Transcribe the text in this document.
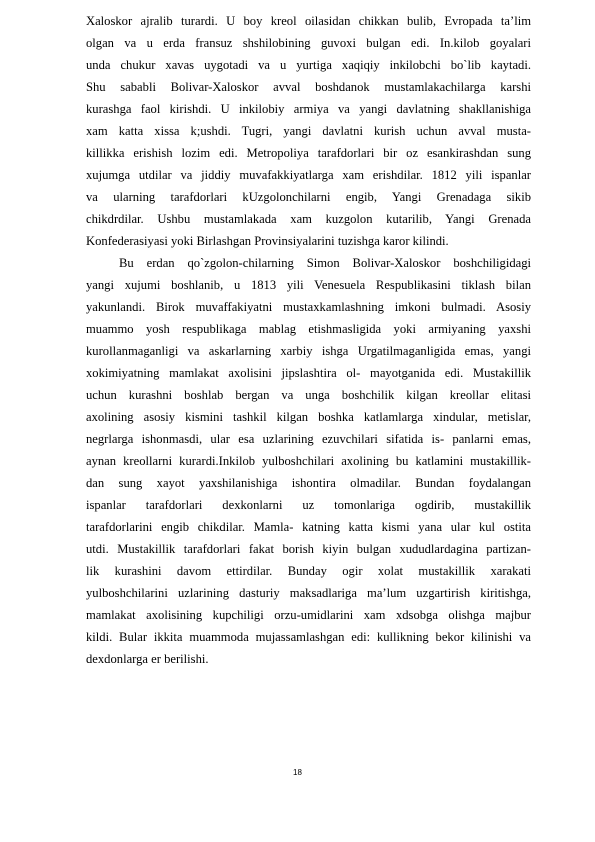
Xaloskor ajralib turardi. U boy kreol oilasidan chikkan bulib, Evropada ta’lim
olgan va u erda fransuz shshilobining guvoxi bulgan edi. In.kilob goyalari
unda chukur xavas uygotadi va u yurtiga xaqiqiy inkilobchi bo`lib kaytadi.
Shu sababli Bolivar-Xaloskor avval boshdanok mustamlakachilarga karshi
kurashga faol kirishdi. U inkilobiy armiya va yangi davlatning shakllanishiga
xam katta xissa k;ushdi. Tugri, yangi davlatni kurish uchun avval musta-
killikka erishish lozim edi. Metropoliya tarafdorlari bir oz esankirashdan sung
xujumga utdilar va jiddiy muvafakkiyatlarga xam erishdilar. 1812 yili ispanlar
va ularning tarafdorlari kUzgolonchilarni engib, Yangi Grenadaga sikib
chikdrdilar. Ushbu mustamlakada xam kuzgolon kutarilib, Yangi Grenada
Konfederasiyasi yoki Birlashgan Provinsiyalarini tuzishga karor kilindi.
Bu erdan qo`zgolon-chilarning Simon Bolivar-Xaloskor boshchiligidagi
yangi xujumi boshlanib, u 1813 yili Venesuela Respublikasini tiklash bilan
yakunlandi. Birok muvaffakiyatni mustaxkamlashning imkoni bulmadi. Asosiy
muammo yosh respublikaga mablag etishmasligida yoki armiyaning yaxshi
kurollanmaganligi va askarlarning xarbiy ishga Urgatilmaganligida emas, yangi
xokimiyatning mamlakat axolisini jipslashtira ol- mayotganida edi. Mustakillik
uchun kurashni boshlab bergan va unga boshchilik kilgan kreollar elitasi
axolining asosiy kismini tashkil kilgan boshka katlamlarga xindular, metislar,
negrlarga ishonmasdi, ular esa uzlarining ezuvchilari sifatida is- panlarni emas,
aynan kreollarni kurardi.Inkilob yulboshchilari axolining bu katlamini mustakillik-
dan sung xayot yaxshilanishiga ishontira olmadilar. Bundan foydalangan
ispanlar tarafdorlari dexkonlarni uz tomonlariga ogdirib, mustakillik
tarafdorlarini engib chikdilar. Mamla- katning katta kismi yana ular kul ostita
utdi. Mustakillik tarafdorlari fakat borish kiyin bulgan xududlardagina partizan-
lik kurashini davom ettirdilar. Bunday ogir xolat mustakillik xarakati
yulboshchilarini uzlarining dasturiy maksadlariga ma’lum uzgartirish kiritishga,
mamlakat axolisining kupchiligi orzu-umidlarini xam xdsobga olishga majbur
kildi. Bular ikkita muammoda mujassamlashgan edi: kullikning bekor kilinishi va
dexdonlarga er berilishi.
18
